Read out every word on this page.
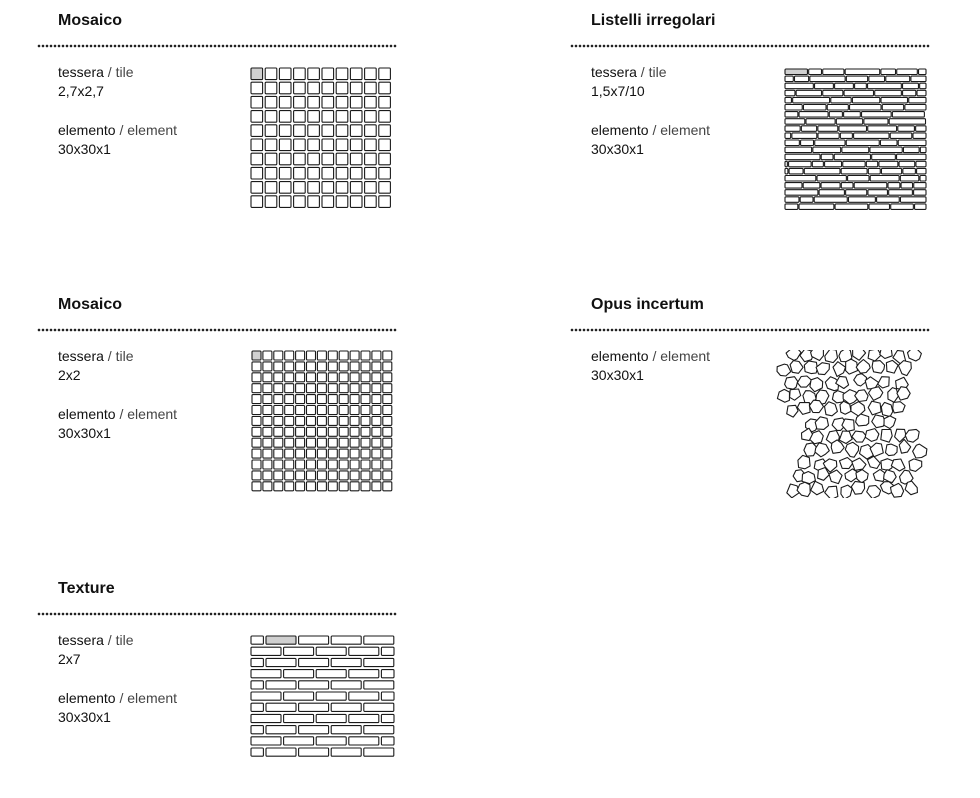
Mosaico
tessera / tile
2,7x2,7
elemento / element
30x30x1
Listelli irregolari
tessera / tile
1,5x7/10
elemento / element
30x30x1
Mosaico
tessera / tile
2x2
elemento / element
30x30x1
Opus incertum
elemento / element
30x30x1
Texture
tessera / tile
2x7
elemento / element
30x30x1
